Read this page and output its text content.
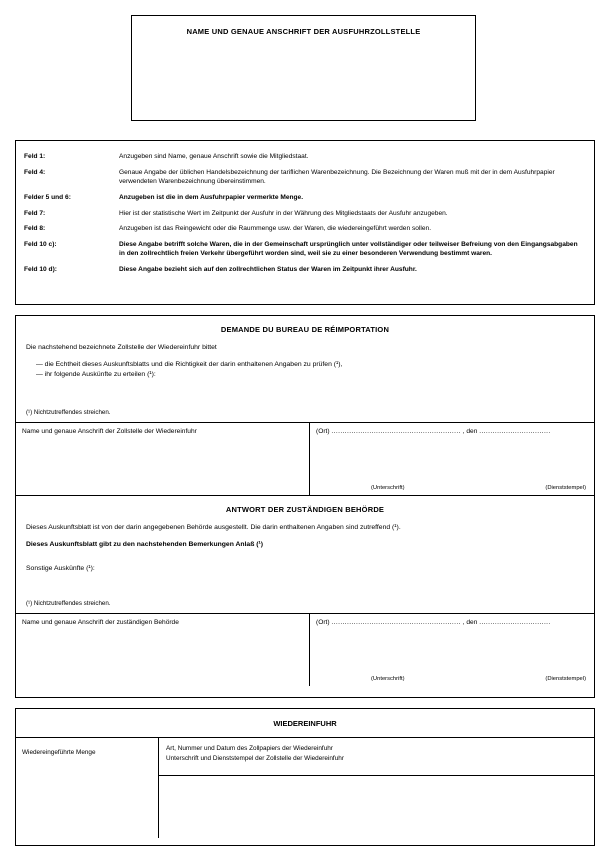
NAME UND GENAUE ANSCHRIFT DER AUSFUHRZOLLSTELLE
Feld 1:	Anzugeben sind Name, genaue Anschrift sowie die Mitgliedstaat.
Feld 4:	Genaue Angabe der üblichen Handelsbezeichnung der tariflichen Warenbezeichnung. Die Bezeichnung der Waren muß mit der in dem Ausfuhrpapier verwendeten Warenbezeichnung übereinstimmen.
Felder 5 und 6:	Anzugeben ist die in dem Ausfuhrpapier vermerkte Menge.
Feld 7:	Hier ist der statistische Wert im Zeitpunkt der Ausfuhr in der Währung des Mitgliedstaats der Ausfuhr anzugeben.
Feld 8:	Anzugeben ist das Reingewicht oder die Raummenge usw. der Waren, die wiedereingeführt werden sollen.
Feld 10 c):	Diese Angabe betrifft solche Waren, die in der Gemeinschaft ursprünglich unter vollständiger oder teilweiser Befreiung von den Eingangsabgaben in den zollrechtlich freien Verkehr übergeführt worden sind, weil sie zu einer besonderen Verwendung bestimmt waren.
Feld 10 d):	Diese Angabe bezieht sich auf den zollrechtlichen Status der Waren im Zeitpunkt ihrer Ausfuhr.
DEMANDE DU BUREAU DE RÉIMPORTATION
Die nachstehend bezeichnete Zollstelle der Wiedereinfuhr bittet
— die Echtheit dieses Auskunftsblatts und die Richtigkeit der darin enthaltenen Angaben zu prüfen (¹),
— ihr folgende Auskünfte zu erteilen (¹):
(¹) Nichtzutreffendes streichen.
Name und genaue Anschrift der Zollstelle der Wiedereinfuhr	(Ort) .......................................................... , den ................................
(Unterschrift)	(Dienststempel)
ANTWORT DER ZUSTÄNDIGEN BEHÖRDE
Dieses Auskunftsblatt ist von der darin angegebenen Behörde ausgestellt. Die darin enthaltenen Angaben sind zutreffend (¹).
Dieses Auskunftsblatt gibt zu den nachstehenden Bemerkungen Anlaß (¹)
Sonstige Auskünfte (¹):
(¹) Nichtzutreffendes streichen.
Name und genaue Anschrift der zuständigen Behörde	(Ort) .......................................................... , den ................................
(Unterschrift)	(Dienststempel)
WIEDEREINFUHR
Wiedereingeführte Menge
Art, Nummer und Datum des Zollpapiers der Wiedereinfuhr
Unterschrift und Dienststempel der Zollstelle der Wiedereinfuhr
